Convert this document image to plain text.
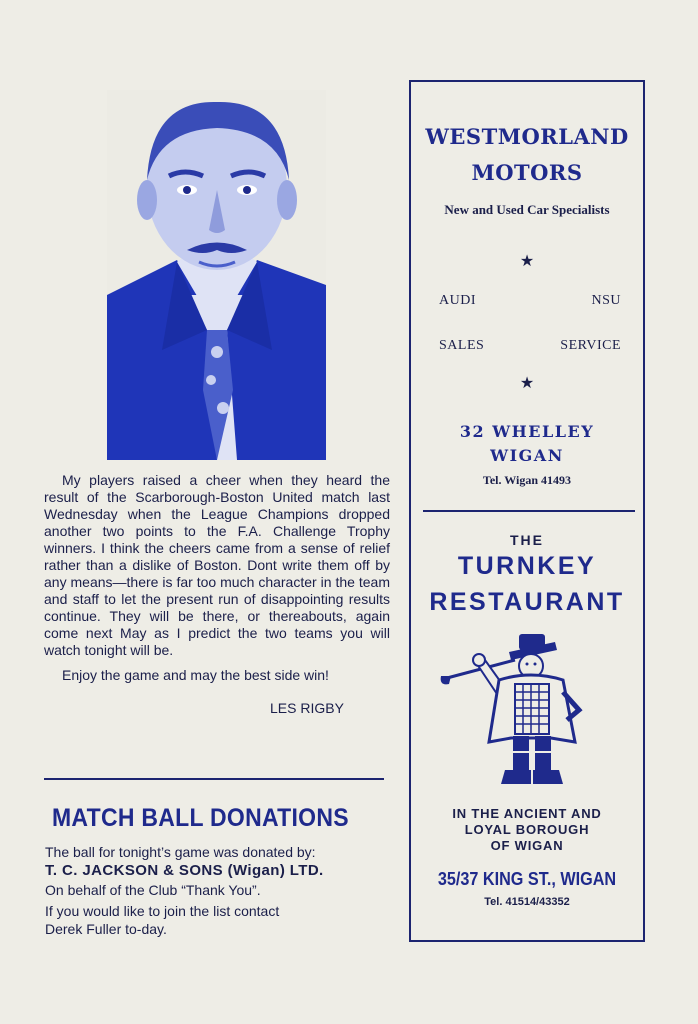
My players raised a cheer when they heard the result of the Scarborough-Boston United match last Wednesday when the League Champions dropped another two points to the F.A. Challenge Trophy winners. I think the cheers came from a sense of relief rather than a dislike of Boston. Dont write them off by any means—there is far too much character in the team and staff to let the present run of disappointing results continue. They will be there, or thereabouts, again come next May as I predict the two teams you will watch tonight will be.

Enjoy the game and may the best side win!

LES RIGBY

MATCH BALL DONATIONS
The ball for tonight’s game was donated by:
T. C. JACKSON & SONS (Wigan) LTD.
On behalf of the Club “Thank You”.
If you would like to join the list contact
Derek Fuller to-day.
WESTMORLAND
MOTORS
New and Used Car Specialists
★
AUDI	NSU
SALES	SERVICE
★
32 WHELLEY
WIGAN
Tel. Wigan 41493
THE
TURNKEY
RESTAURANT
IN THE ANCIENT AND
LOYAL BOROUGH
OF WIGAN
35/37 KING ST., WIGAN
Tel. 41514/43352
